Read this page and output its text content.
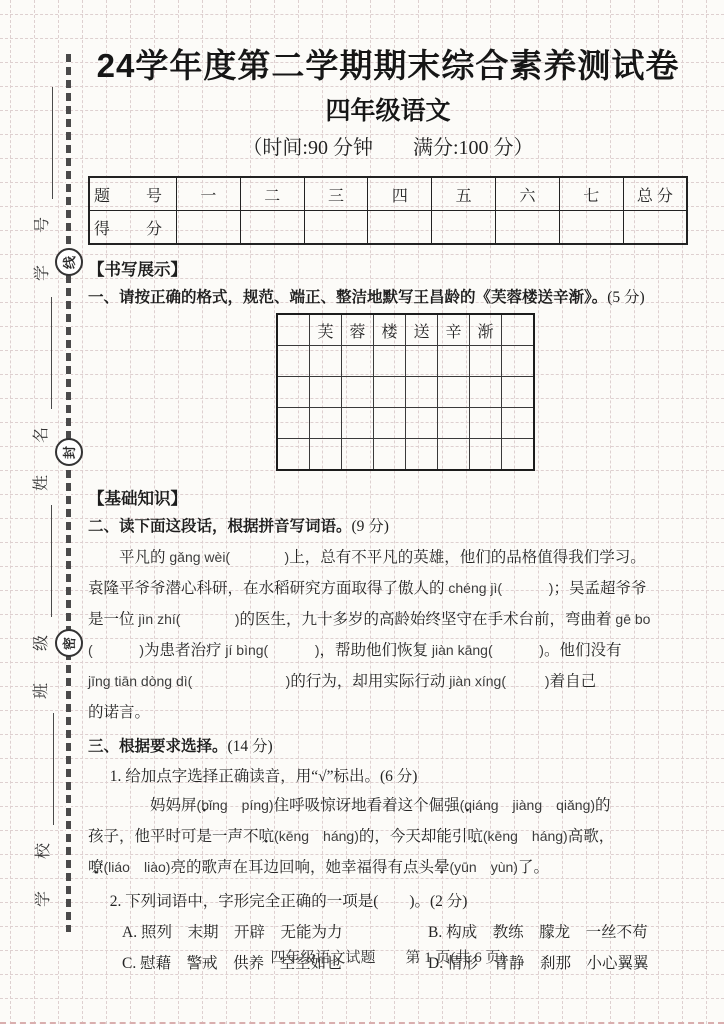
线
封
密
学　号
姓　名
班　级
学　校
24学年度第二学期期末综合素养测试卷
四年级语文
（时间:90 分钟　　满分:100 分）
题　号	一	二	三	四	五	六	七	总 分
得　分								
【书写展示】
一、请按正确的格式，规范、端正、整洁地默写王昌龄的《芙蓉楼送辛渐》。(5 分)
	芙	蓉	楼	送	辛	渐	

【基础知识】
二、读下面这段话，根据拼音写词语。(9 分)
平凡的 gǎng wèi(              )上，总有不平凡的英雄，他们的品格值得我们学习。
袁隆平爷爷潜心科研，在水稻研究方面取得了傲人的 chéng jì(            )；吴孟超爷爷
是一位 jìn zhí(              )的医生，九十多岁的高龄始终坚守在手术台前，弯曲着 gē bo
(            )为患者治疗 jí bìng(            )，帮助他们恢复 jiàn kāng(            )。他们没有
jīng tiān dòng dì(                        )的行为，却用实际行动 jiàn xíng(          )着自己
的诺言。
三、根据要求选择。(14 分)
1. 给加点字选择正确读音，用“√”标出。(6 分)
　　妈妈屏(bǐng　píng)住呼吸惊讶地看着这个倔强(qiáng　jiàng　qiǎng)的
孩子，他平时可是一声不吭(kēng　háng)的，今天却能引吭(kēng　háng)高歌，
嘹(liáo　liào)亮的歌声在耳边回响，她幸福得有点头晕(yūn　yùn)了。
2. 下列词语中，字形完全正确的一项是(　　)。(2 分)
A. 照列　末期　开辟　无能为力	B. 构成　教练　朦龙　一丝不苟
C. 慰藉　警戒　供养　空空如也	D. 情形　青静　刹那　小心翼翼
四年级语文试题　　第 1 页(共 6 页)
